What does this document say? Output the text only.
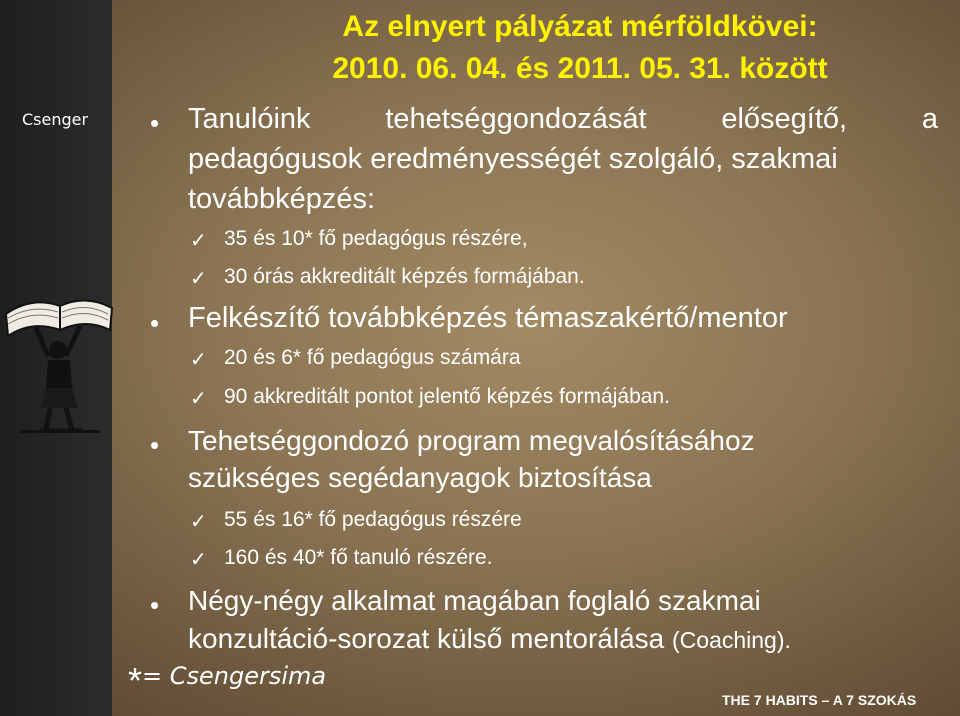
Csenger
Az elnyert pályázat mérföldkövei:
2010. 06. 04. és 2011. 05. 31. között
• Tanulóink tehetséggondozását elősegítő, a
pedagógusok eredményességét szolgáló, szakmai
továbbképzés:
✓ 35 és 10* fő pedagógus részére,
✓ 30 órás akkreditált képzés formájában.
• Felkészítő továbbképzés témaszakértő/mentor
✓ 20 és 6* fő pedagógus számára
✓ 90 akkreditált pontot jelentő képzés formájában.
• Tehetséggondozó program megvalósításához
szükséges segédanyagok biztosítása
✓ 55 és 16* fő pedagógus részére
✓ 160 és 40* fő tanuló részére.
• Négy-négy alkalmat magában foglaló szakmai
konzultáció-sorozat külső mentorálása (Coaching).
*= Csengersima
THE 7 HABITS – A 7 SZOKÁS
